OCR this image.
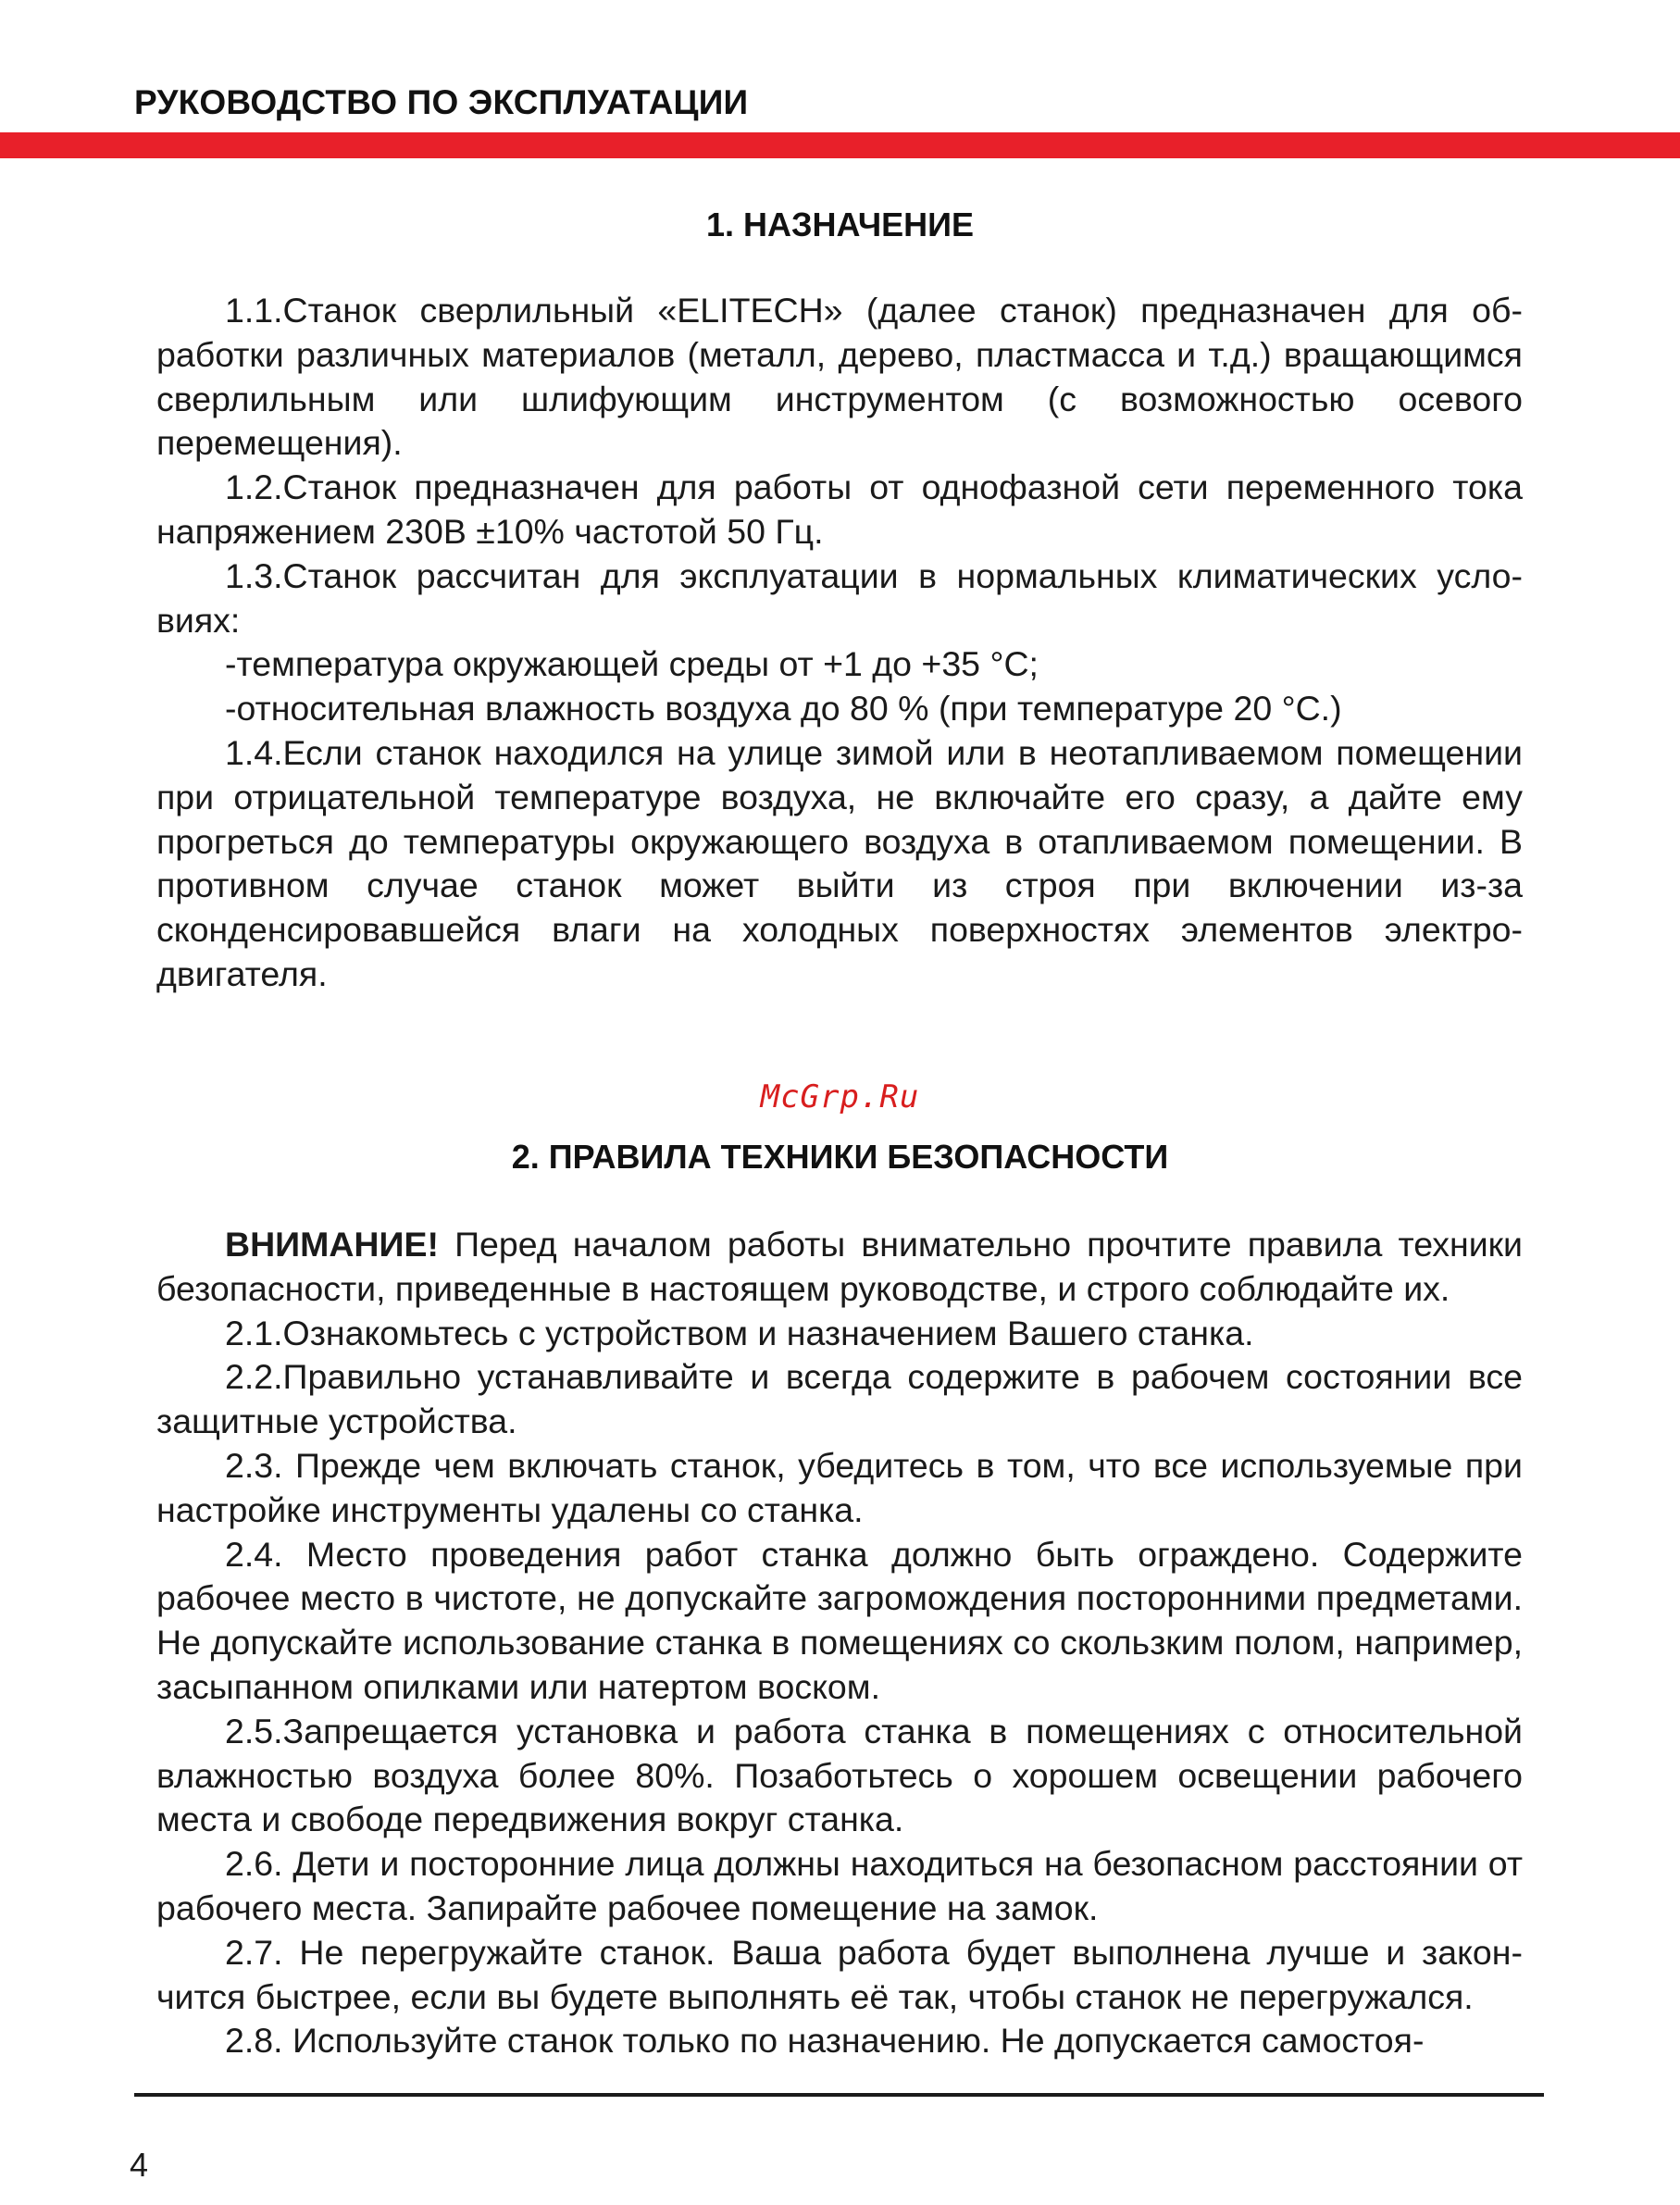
РУКОВОДСТВО ПО ЭКСПЛУАТАЦИИ
1. НАЗНАЧЕНИЕ

1.1.Станок сверлильный «ELITECH» (далее станок) предназначен для обработки различных материалов (металл, дерево, пластмасса и т.д.) вращающимся сверлильным или шлифующим инструментом (с возможностью осевого перемещения).

1.2.Станок предназначен для работы от однофазной сети переменного тока напряжением 230В ±10% частотой 50 Гц.

1.3.Станок рассчитан для эксплуатации в нормальных климатических условиях:

-температура окружающей среды от +1 до +35 °С;

-относительная влажность воздуха до 80 % (при температуре 20 °С.)

1.4.Если станок находился на улице зимой или в неотапливаемом помещении при отрицательной температуре воздуха, не включайте его сразу, а дайте ему прогреться до температуры окружающего воздуха в отапливаемом помещении. В противном случае станок может выйти из строя при включении из-за сконденсировавшейся влаги на холодных поверхностях элементов электродвигателя.

McGrp.Ru
2. ПРАВИЛА ТЕХНИКИ БЕЗОПАСНОСТИ

ВНИМАНИЕ! Перед началом работы внимательно прочтите правила техники безопасности, приведенные в настоящем руководстве, и строго соблюдайте их.

2.1.Ознакомьтесь с устройством и назначением Вашего станка.

2.2.Правильно устанавливайте и всегда содержите в рабочем состоянии все защитные устройства.

2.3. Прежде чем включать станок, убедитесь в том, что все используемые при настройке инструменты удалены со станка.

2.4. Место проведения работ станка должно быть ограждено. Содержите рабочее место в чистоте, не допускайте загромождения посторонними предметами. Не допускайте использование станка в помещениях со скользким полом, например, засыпанном опилками или натертом воском.

2.5.Запрещается установка и работа станка в помещениях с относительной влажностью воздуха более 80%. Позаботьтесь о хорошем освещении рабочего места и свободе передвижения вокруг станка.

2.6. Дети и посторонние лица должны находиться на безопасном расстоянии от рабочего места. Запирайте рабочее помещение на замок.

2.7. Не перегружайте станок. Ваша работа будет выполнена лучше и закончится быстрее, если вы будете выполнять её так, чтобы станок не перегружался.

2.8. Используйте станок только по назначению. Не допускается самостоя-

4
